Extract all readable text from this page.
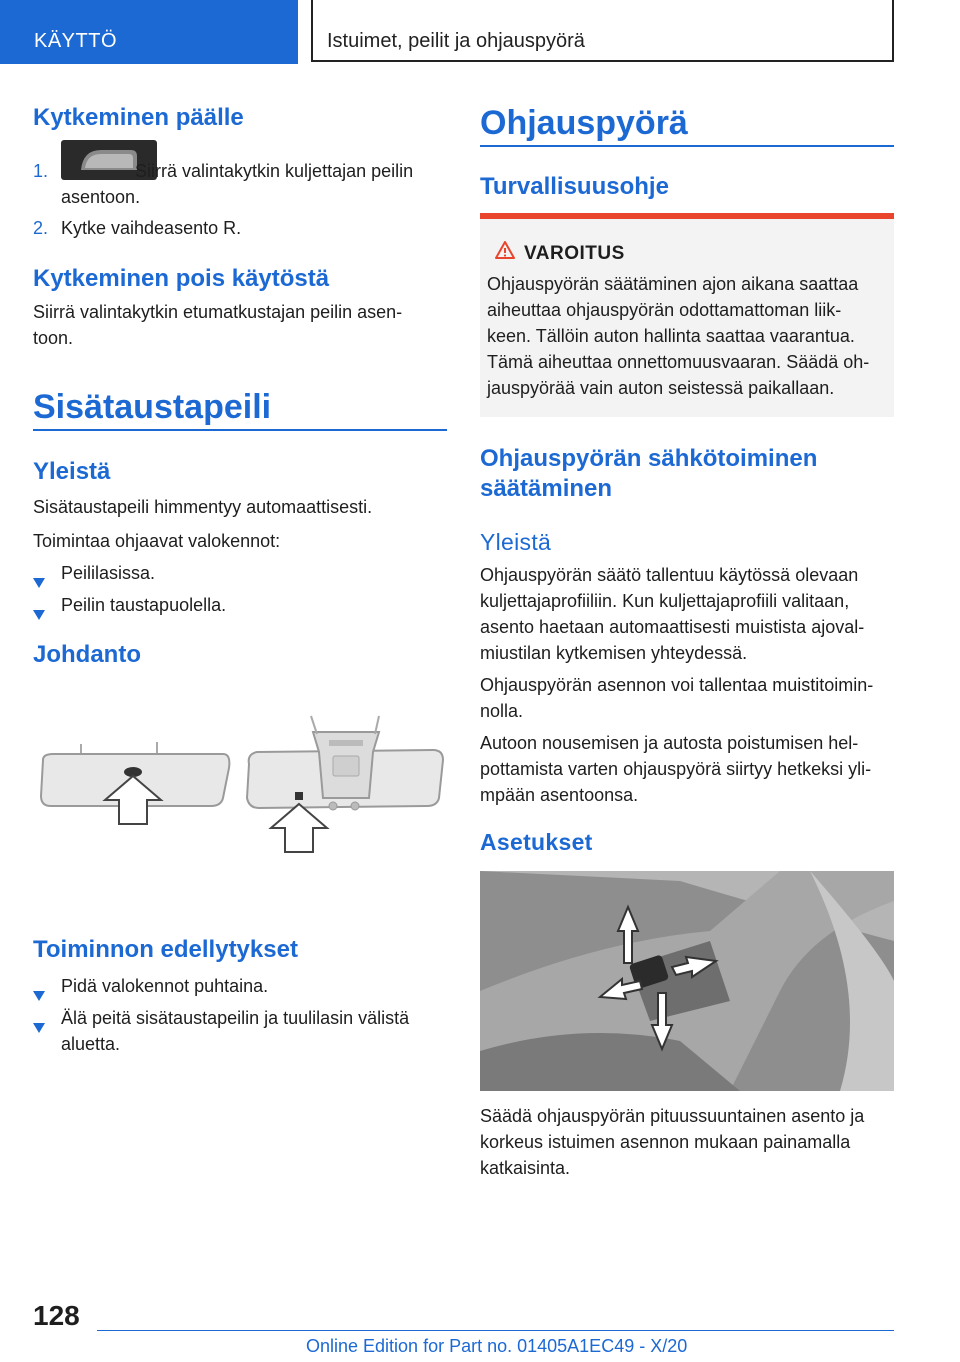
KÄYTTÖ	Istuimet, peilit ja ohjauspyörä
Kytkeminen päälle
1.	Siirrä valintakytkin kuljettajan peilin
asentoon.
2. Kytke vaihdeasento R.
Kytkeminen pois käytöstä
Siirrä valintakytkin etumatkustajan peilin asen-
toon.
Sisätaustapeili
Yleistä
Sisätaustapeili himmentyy automaattisesti.
Toimintaa ohjaavat valokennot:
Peililasissa.
Peilin taustapuolella.
Johdanto
Toiminnon edellytykset
Pidä valokennot puhtaina.
Älä peitä sisätaustapeilin ja tuulilasin välistä
aluetta.
Ohjauspyörä
Turvallisuusohje
VAROITUS
Ohjauspyörän säätäminen ajon aikana saattaa
aiheuttaa ohjauspyörän odottamattoman liik-
keen. Tällöin auton hallinta saattaa vaarantua.
Tämä aiheuttaa onnettomuusvaaran. Säädä oh-
jauspyörää vain auton seistessä paikallaan.
Ohjauspyörän sähkötoiminen
säätäminen
Yleistä
Ohjauspyörän säätö tallentuu käytössä olevaan
kuljettajaprofiiliin. Kun kuljettajaprofiili valitaan,
asento haetaan automaattisesti muistista ajoval-
miustilan kytkemisen yhteydessä.
Ohjauspyörän asennon voi tallentaa muistitoimin-
nolla.
Autoon nousemisen ja autosta poistumisen hel-
pottamista varten ohjauspyörä siirtyy hetkeksi yli-
mpään asentoonsa.
Asetukset
Säädä ohjauspyörän pituussuuntainen asento ja
korkeus istuimen asennon mukaan painamalla
katkaisinta.
128
Online Edition for Part no. 01405A1EC49 - X/20
